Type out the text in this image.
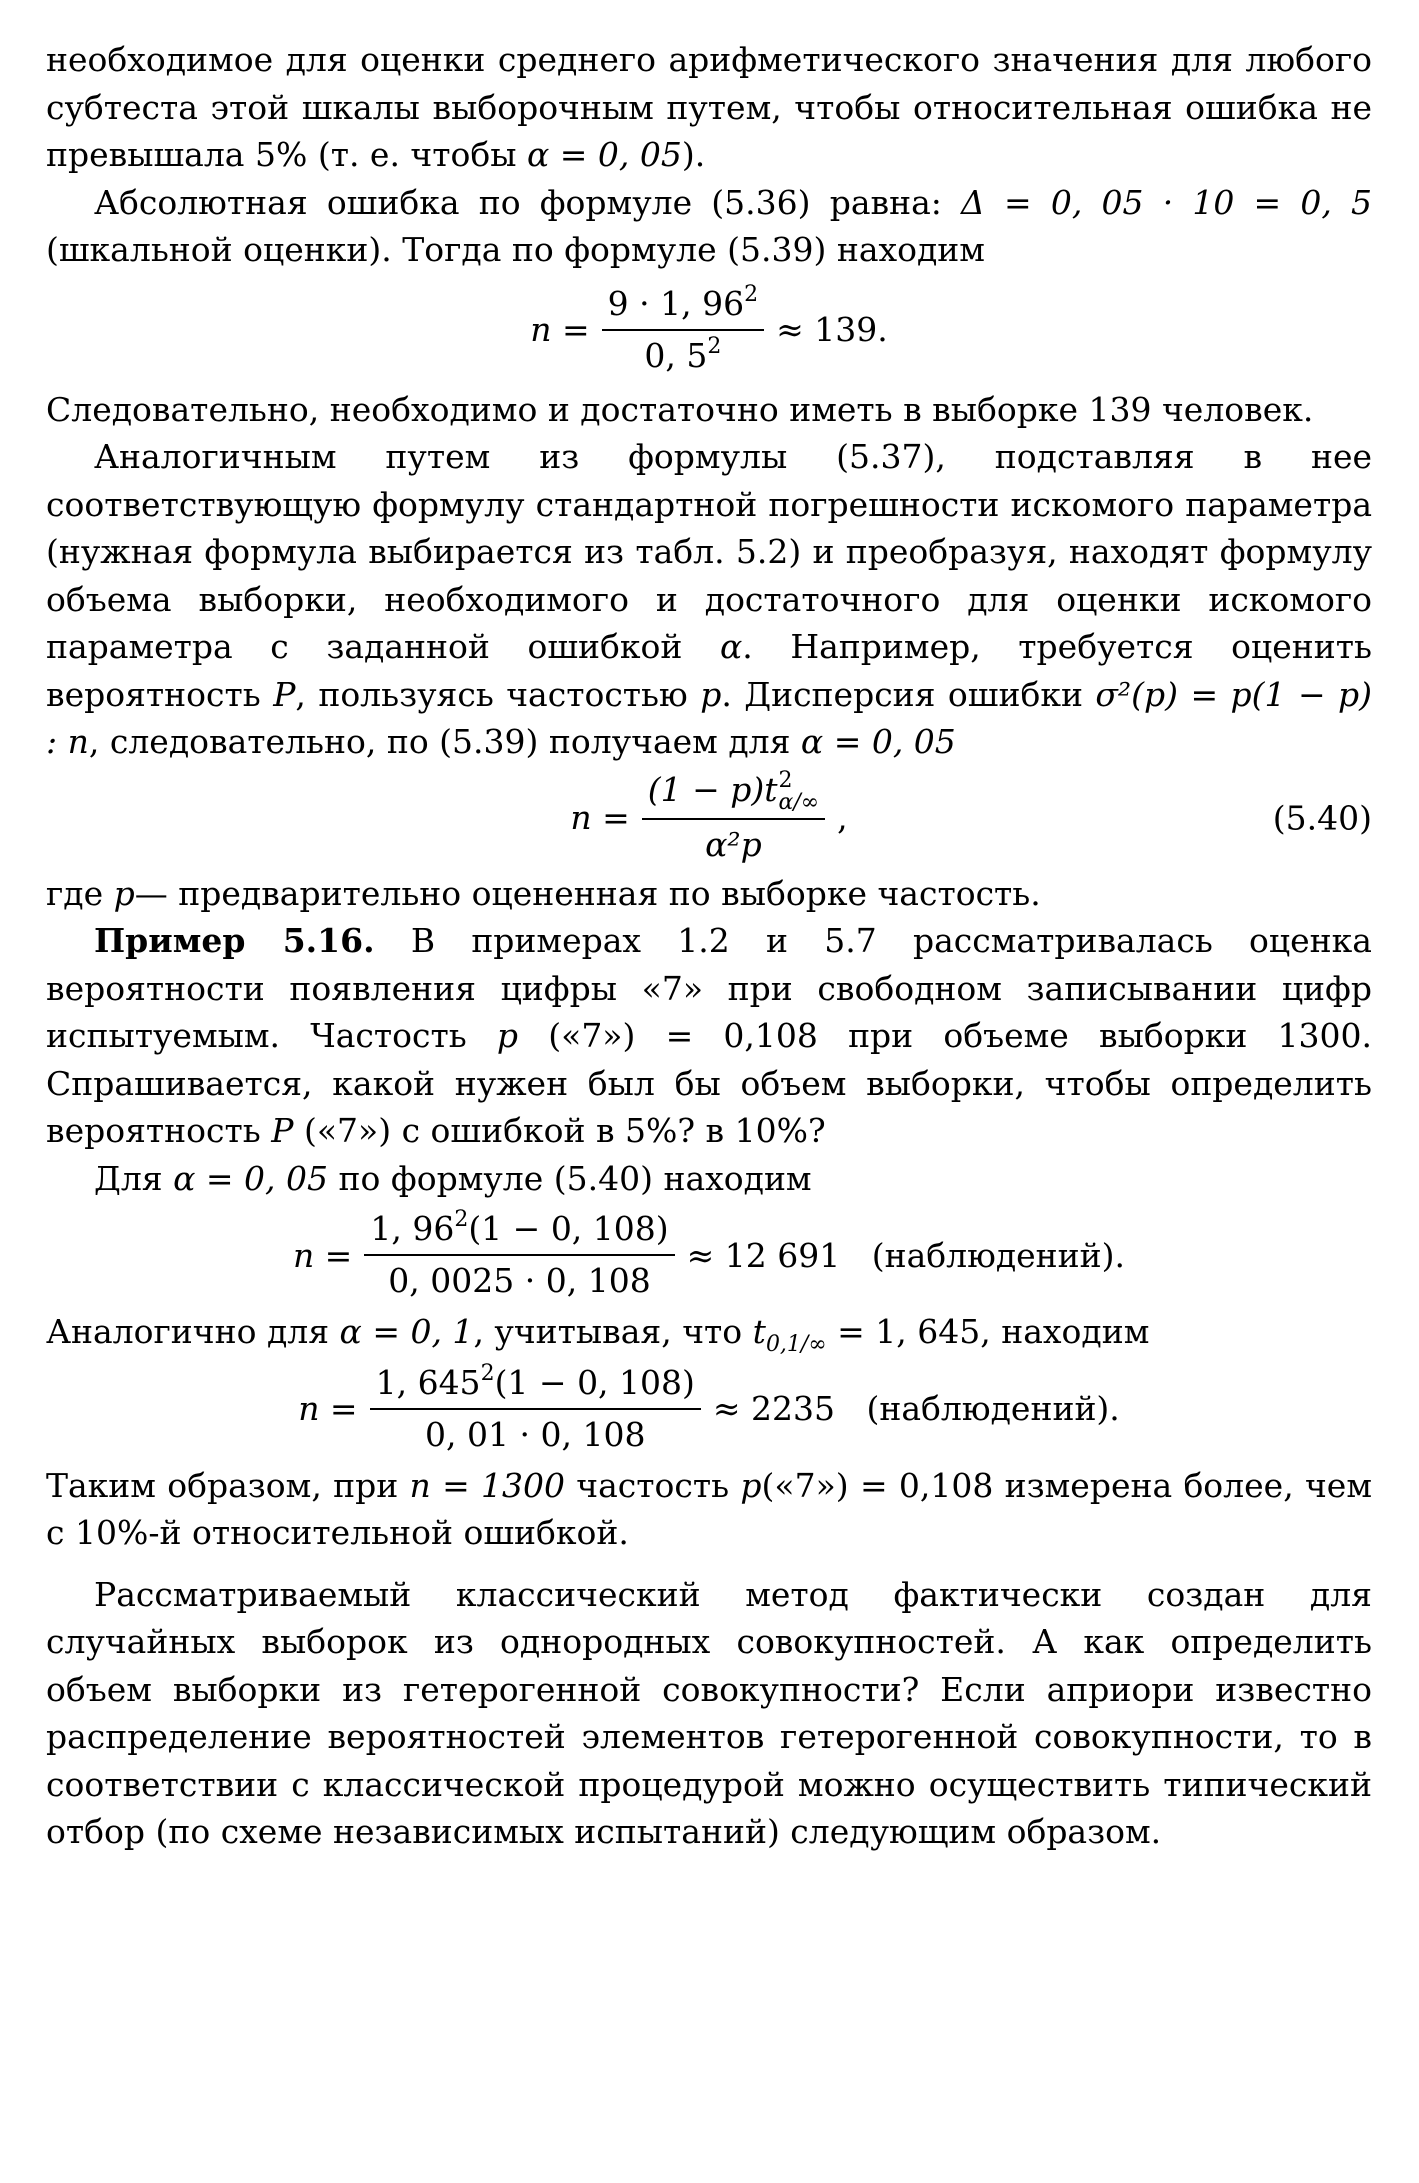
необходимое для оценки среднего арифметического значения для любого субтеста этой шкалы выборочным путем, чтобы относительная ошибка не превышала 5% (т. е. чтобы α = 0, 05).

Абсолютная ошибка по формуле (5.36) равна: Δ = 0, 05 · 10 = 0, 5 (шкальной оценки). Тогда по формуле (5.39) находим

$n = \frac{9 \cdot 1, 96^2}{0, 5^2} \approx 139$.

Следовательно, необходимо и достаточно иметь в выборке 139 человек.

Аналогичным путем из формулы (5.37), подставляя в нее соответствующую формулу стандартной погрешности искомого параметра (нужная формула выбирается из табл. 5.2) и преобразуя, находят формулу объема выборки, необходимого и достаточного для оценки искомого параметра с заданной ошибкой α. Например, требуется оценить вероятность P, пользуясь частостью p. Дисперсия ошибки σ²(p) = p(1 − p) : n, следовательно, по (5.39) получаем для α = 0, 05

n = (1 − p)t 2
α/∞
α²p ,	(5.40)

где p— предварительно оцененная по выборке частость.

Пример 5.16. В примерах 1.2 и 5.7 рассматривалась оценка вероятности появления цифры «7» при свободном записывании цифр испытуемым. Частость p («7») = 0,108 при объеме выборки 1300. Спрашивается, какой нужен был бы объем выборки, чтобы определить вероятность P («7») с ошибкой в 5%? в 10%?

Для α = 0, 05 по формуле (5.40) находим

$n = \frac{1, 96^2(1 - 0, 108)}{0, 0025 \cdot 0, 108} \approx 12$ 691   (наблюдений).

Аналогично для α = 0, 1, учитывая, что $t_{0,1/\infty} = 1$, 645, находим

$n = \frac{1, 645^2(1 - 0, 108)}{0, 01 \cdot 0, 108} \approx 2235$   (наблюдений).

Таким образом, при n = 1300 частость p(«7») = 0,108 измерена более, чем с 10%-й относительной ошибкой.

Рассматриваемый классический метод фактически создан для случайных выборок из однородных совокупностей. А как определить объем выборки из гетерогенной совокупности? Если априори известно распределение вероятностей элементов гетерогенной совокупности, то в соответствии с классической процедурой можно осуществить типический отбор (по схеме независимых испытаний) следующим образом.
